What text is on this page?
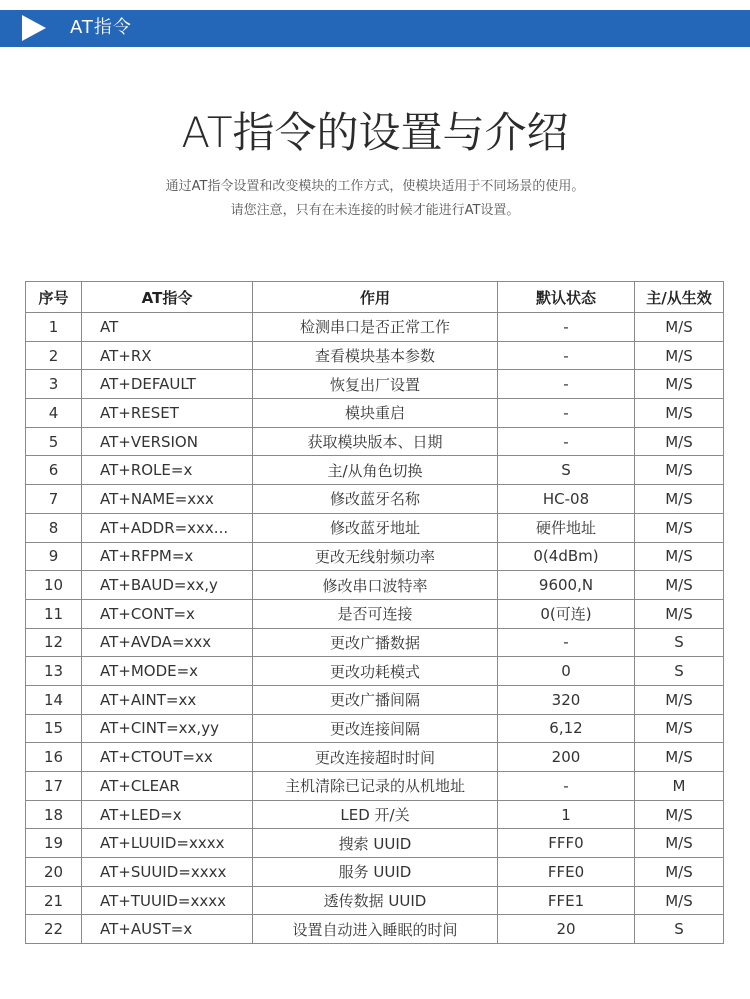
AT指令
AT指令的设置与介绍
通过AT指令设置和改变模块的工作方式，使模块适用于不同场景的使用。
请您注意，只有在未连接的时候才能进行AT设置。
序号	AT指令	作用	默认状态	主/从生效
1	AT	检测串口是否正常工作	-	M/S
2	AT+RX	查看模块基本参数	-	M/S
3	AT+DEFAULT	恢复出厂设置	-	M/S
4	AT+RESET	模块重启	-	M/S
5	AT+VERSION	获取模块版本、日期	-	M/S
6	AT+ROLE=x	主/从角色切换	S	M/S
7	AT+NAME=xxx	修改蓝牙名称	HC-08	M/S
8	AT+ADDR=xxx...	修改蓝牙地址	硬件地址	M/S
9	AT+RFPM=x	更改无线射频功率	0(4dBm)	M/S
10	AT+BAUD=xx,y	修改串口波特率	9600,N	M/S
11	AT+CONT=x	是否可连接	0(可连)	M/S
12	AT+AVDA=xxx	更改广播数据	-	S
13	AT+MODE=x	更改功耗模式	0	S
14	AT+AINT=xx	更改广播间隔	320	M/S
15	AT+CINT=xx,yy	更改连接间隔	6,12	M/S
16	AT+CTOUT=xx	更改连接超时时间	200	M/S
17	AT+CLEAR	主机清除已记录的从机地址	-	M
18	AT+LED=x	LED 开/关	1	M/S
19	AT+LUUID=xxxx	搜索 UUID	FFF0	M/S
20	AT+SUUID=xxxx	服务 UUID	FFE0	M/S
21	AT+TUUID=xxxx	透传数据 UUID	FFE1	M/S
22	AT+AUST=x	设置自动进入睡眠的时间	20	S
